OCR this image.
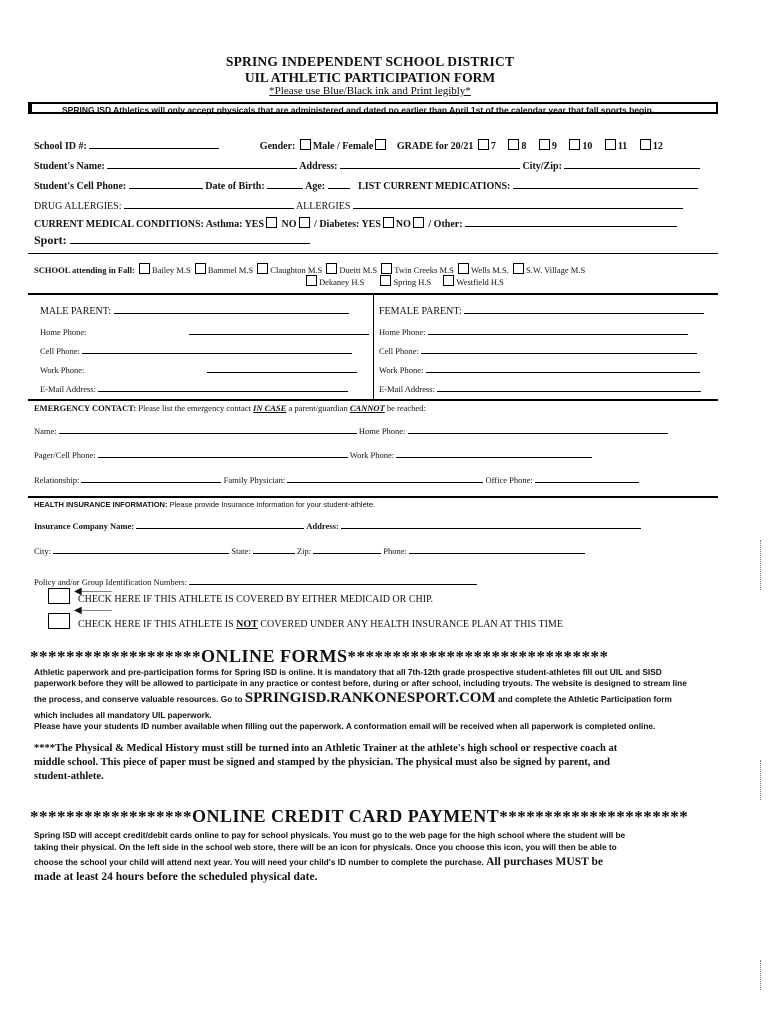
SPRING INDEPENDENT SCHOOL DISTRICT
UIL ATHLETIC PARTICIPATION FORM
*Please use Blue/Black ink and Print legibly*
SPRING ISD Athletics will only accept physicals that are administered and dated no earlier than April 1st of the calendar year that fall sports begin.
School ID #:	Gender: Male / Female GRADE for 20/21 7	8	9	10	11	12
Student's Name:	Address:	City/Zip:
Student's Cell Phone:	Date of Birth:	Age:	LIST CURRENT MEDICATIONS:
DRUG ALLERGIES:	ALLERGIES
CURRENT MEDICAL CONDITIONS: Asthma: YES NO / Diabetes: YES NO / Other:
Sport:
SCHOOL attending in Fall: Bailey M.S Bammel M.S Claughton M.S Dueitt M.S Twin Creeks M.S Wells M.S. S.W. Village M.S
Dekaney H.S	Spring H.S	Westfield H.S
MALE PARENT:
Home Phone:
Cell Phone:
Work Phone:
E-Mail Address:
FEMALE PARENT:
Home Phone:
Cell Phone:
Work Phone:
E-Mail Address:
EMERGENCY CONTACT: Please list the emergency contact IN CASE a parent/guardian CANNOT be reached:
Name:	Home Phone:
Pager/Cell Phone:	Work Phone:
Relationship:	Family Physician:	Office Phone:
HEALTH INSURANCE INFORMATION: Please provide Insurance Information for your student-athlete.
Insurance Company Name:	Address:
City:	State:	Zip:	Phone:
Policy and/or Group Identification Numbers:
◀———
CHECK HERE IF THIS ATHLETE IS COVERED BY EITHER MEDICAID OR CHIP.
◀———
CHECK HERE IF THIS ATHLETE IS NOT COVERED UNDER ANY HEALTH INSURANCE PLAN AT THIS TIME
*******************ONLINE FORMS*****************************
Athletic paperwork and pre-participation forms for Spring ISD is online. It is mandatory that all 7th-12th grade prospective student-athletes fill out UIL and SISD
paperwork before they will be allowed to participate in any practice or contest before, during or after school, including tryouts. The website is designed to stream line
the process, and conserve valuable resources. Go to SPRINGISD.RANKONESPORT.COM and complete the Athletic Participation form
which includes all mandatory UIL paperwork.
Please have your students ID number available when filling out the paperwork. A conformation email will be received when all paperwork is completed online.
****The Physical & Medical History must still be turned into an Athletic Trainer at the athlete's high school or respective coach at
middle school. This piece of paper must be signed and stamped by the physician. The physical must also be signed by parent, and
student-athlete.
******************ONLINE CREDIT CARD PAYMENT*********************
Spring ISD will accept credit/debit cards online to pay for school physicals. You must go to the web page for the high school where the student will be
taking their physical. On the left side in the school web store, there will be an icon for physicals. Once you choose this icon, you will then be able to
choose the school your child will attend next year. You will need your child's ID number to complete the purchase. All purchases MUST be
made at least 24 hours before the scheduled physical date.
